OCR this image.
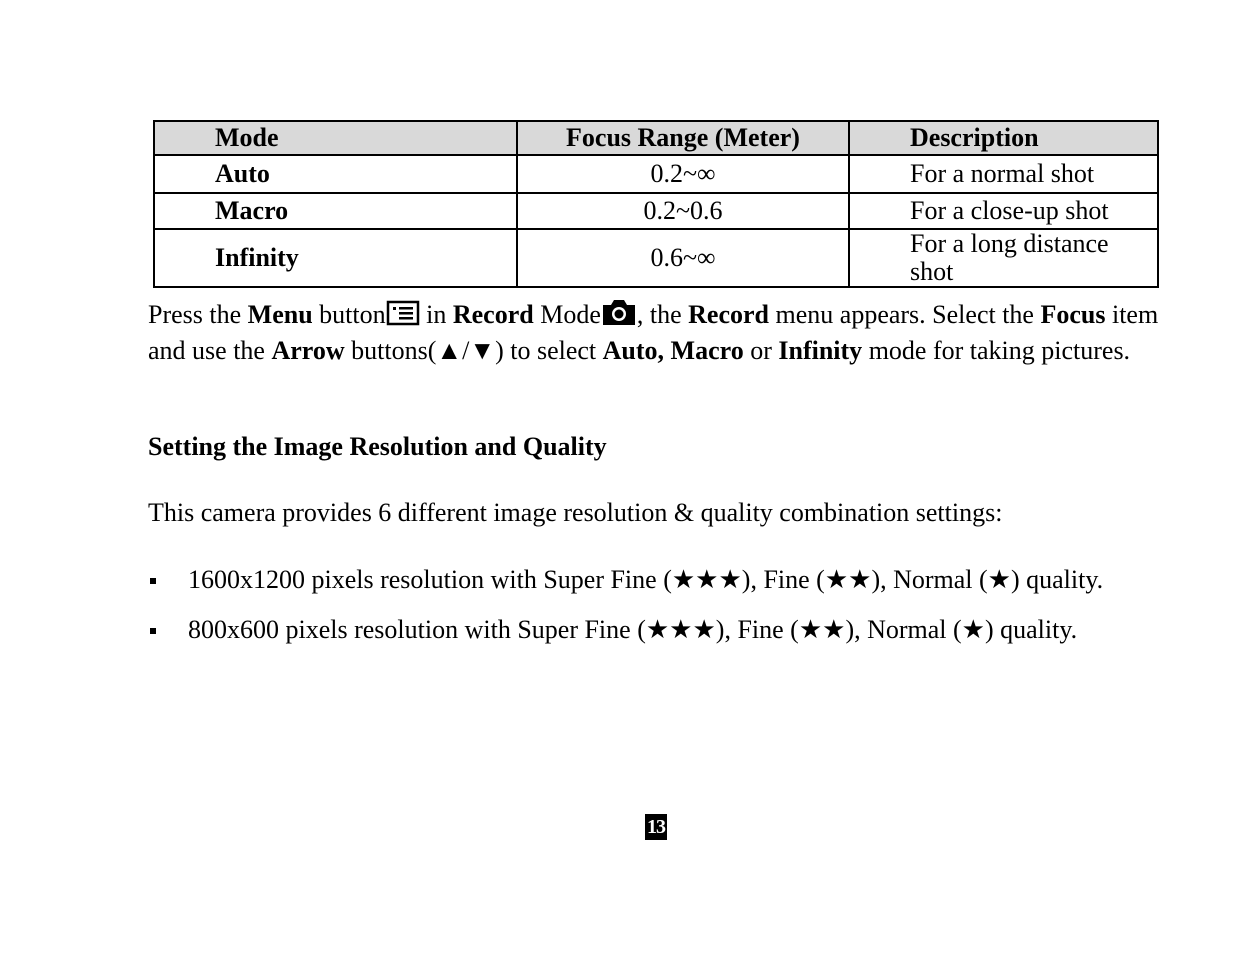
Mode	Focus Range (Meter)	Description
Auto	0.2~∞	For a normal shot
Macro	0.2~0.6	For a close-up shot
Infinity	0.6~∞	For a long distance shot

Press the Menu button in Record Mode , the Record menu appears. Select the Focus item and use the Arrow buttons(▲/▼) to select Auto, Macro or Infinity mode for taking pictures.

Setting the Image Resolution and Quality

This camera provides 6 different image resolution & quality combination settings:

1600x1200 pixels resolution with Super Fine (★★★), Fine (★★), Normal (★) quality.
800x600 pixels resolution with Super Fine (★★★), Fine (★★), Normal (★) quality.
13
